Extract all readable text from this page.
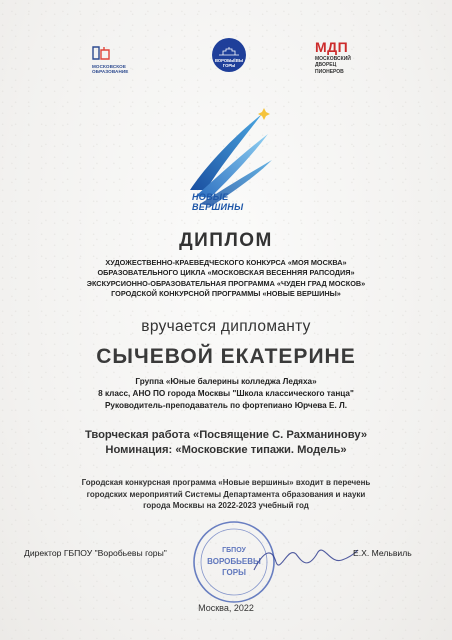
МОСКОВСКОЕ
ОБРАЗОВАНИЕ
ВОРОБЬЁВЫ
ГОРЫ
МДП
МОСКОВСКИЙ
ДВОРЕЦ
ПИОНЕРОВ
НОВЫЕ
ВЕРШИНЫ
ДИПЛОМ
ХУДОЖЕСТВЕННО-КРАЕВЕДЧЕСКОГО КОНКУРСА «МОЯ МОСКВА»
ОБРАЗОВАТЕЛЬНОГО ЦИКЛА «МОСКОВСКАЯ ВЕСЕННЯЯ РАПСОДИЯ»
ЭКСКУРСИОННО-ОБРАЗОВАТЕЛЬНАЯ ПРОГРАММА «ЧУДЕН ГРАД МОСКОВ»
ГОРОДСКОЙ КОНКУРСНОЙ ПРОГРАММЫ «НОВЫЕ ВЕРШИНЫ»
вручается дипломанту
СЫЧЕВОЙ ЕКАТЕРИНЕ
Группа «Юные балерины колледжа Ледяха»
8 класс, АНО ПО города Москвы "Школа классического танца"
Руководитель-преподаватель по фортепиано Юрчева Е. Л.
Творческая работа «Посвящение С. Рахманинову»
Номинация: «Московские типажи. Модель»
Городская конкурсная программа «Новые вершины» входит в перечень
городских мероприятий Системы Департамента образования и науки
города Москвы на 2022-2023 учебный год
ГБПОУ
ВОРОБЬЕВЫ
ГОРЫ
Директор ГБПОУ "Воробьевы горы"	Е.Х. Мельвиль
Москва, 2022
